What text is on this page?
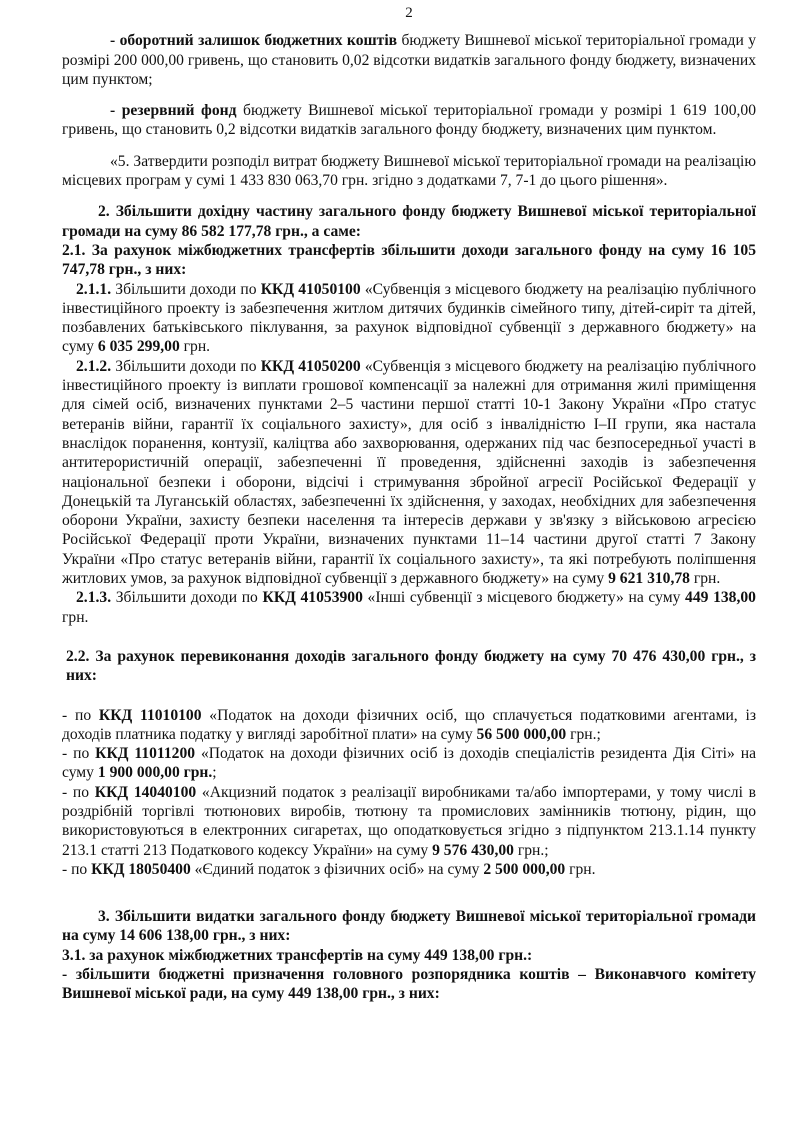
2

- оборотний залишок бюджетних коштів бюджету Вишневої міської територіальної громади у розмірі 200 000,00 гривень, що становить 0,02 відсотки видатків загального фонду бюджету, визначених цим пунктом;

- резервний фонд бюджету Вишневої міської територіальної громади у розмірі 1 619 100,00 гривень, що становить 0,2 відсотки видатків загального фонду бюджету, визначених цим пунктом.

«5. Затвердити розподіл витрат бюджету Вишневої міської територіальної громади на реалізацію місцевих програм у сумі 1 433 830 063,70 грн. згідно з додатками 7, 7-1 до цього рішення».

2. Збільшити дохідну частину загального фонду бюджету Вишневої міської територіальної громади на суму 86 582 177,78 грн., а саме:

2.1. За рахунок міжбюджетних трансфертів збільшити доходи загального фонду на суму 16 105 747,78 грн., з них:

2.1.1. Збільшити доходи по ККД 41050100 «Субвенція з місцевого бюджету на реалізацію публічного інвестиційного проекту із забезпечення житлом дитячих будинків сімейного типу, дітей-сиріт та дітей, позбавлених батьківського піклування, за рахунок відповідної субвенції з державного бюджету» на суму 6 035 299,00 грн.

2.1.2. Збільшити доходи по ККД 41050200 «Субвенція з місцевого бюджету на реалізацію публічного інвестиційного проекту із виплати грошової компенсації за належні для отримання жилі приміщення для сімей осіб, визначених пунктами 2–5 частини першої статті 10-1 Закону України «Про статус ветеранів війни, гарантії їх соціального захисту», для осіб з інвалідністю I–II групи, яка настала внаслідок поранення, контузії, каліцтва або захворювання, одержаних під час безпосередньої участі в антитерористичній операції, забезпеченні її проведення, здійсненні заходів із забезпечення національної безпеки і оборони, відсічі і стримування збройної агресії Російської Федерації у Донецькій та Луганській областях, забезпеченні їх здійснення, у заходах, необхідних для забезпечення оборони України, захисту безпеки населення та інтересів держави у зв'язку з військовою агресією Російської Федерації проти України, визначених пунктами 11–14 частини другої статті 7 Закону України «Про статус ветеранів війни, гарантії їх соціального захисту», та які потребують поліпшення житлових умов, за рахунок відповідної субвенції з державного бюджету» на суму 9 621 310,78 грн.

2.1.3. Збільшити доходи по ККД 41053900 «Інші субвенції з місцевого бюджету» на суму 449 138,00 грн.

2.2. За рахунок перевиконання доходів загального фонду бюджету на суму 70 476 430,00 грн., з них:

- по ККД 11010100 «Податок на доходи фізичних осіб, що сплачується податковими агентами, із доходів платника податку у вигляді заробітної плати» на суму 56 500 000,00 грн.;

- по ККД 11011200 «Податок на доходи фізичних осіб із доходів спеціалістів резидента Дія Сіті» на суму 1 900 000,00 грн.;

- по ККД 14040100 «Акцизний податок з реалізації виробниками та/або імпортерами, у тому числі в роздрібній торгівлі тютюнових виробів, тютюну та промислових замінників тютюну, рідин, що використовуються в електронних сигаретах, що оподатковується згідно з підпунктом 213.1.14 пункту 213.1 статті 213 Податкового кодексу України» на суму 9 576 430,00 грн.;

- по ККД 18050400 «Єдиний податок з фізичних осіб» на суму 2 500 000,00 грн.

3. Збільшити видатки загального фонду бюджету Вишневої міської територіальної громади на суму 14 606 138,00 грн., з них:

3.1. за рахунок міжбюджетних трансфертів на суму 449 138,00 грн.:

- збільшити бюджетні призначення головного розпорядника коштів – Виконавчого комітету Вишневої міської ради, на суму 449 138,00 грн., з них:
